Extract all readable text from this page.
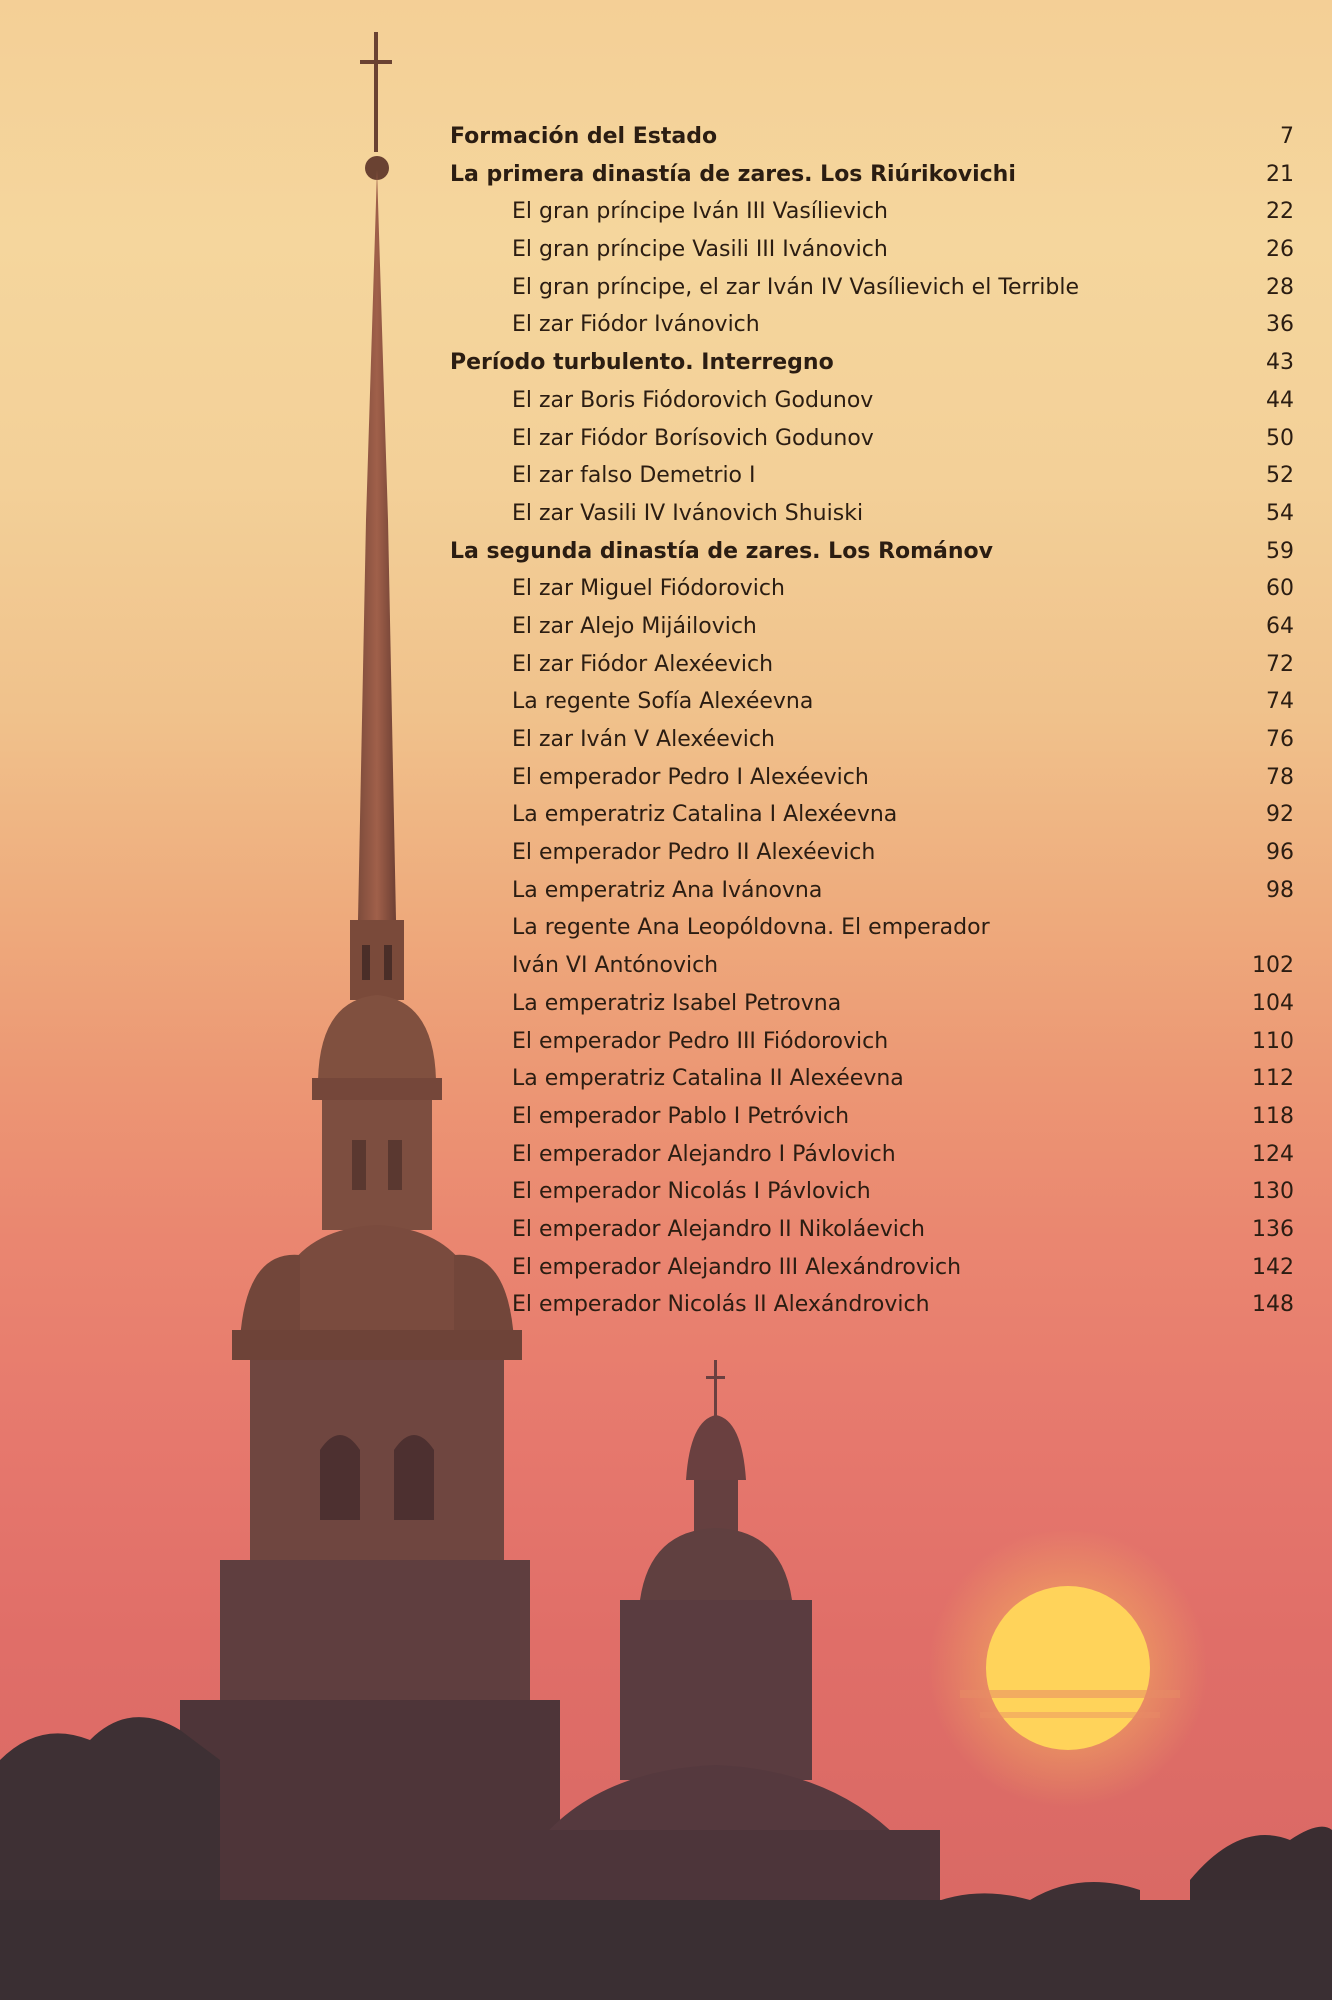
Formación del Estado	7
La primera dinastía de zares. Los Riúrikovichi	21
El gran príncipe Iván III Vasílievich	22
El gran príncipe Vasili III Ivánovich	26
El gran príncipe, el zar Iván IV Vasílievich el Terrible	28
El zar Fiódor Ivánovich	36
Período turbulento. Interregno	43
El zar Boris Fiódorovich Godunov	44
El zar Fiódor Borísovich Godunov	50
El zar falso Demetrio I	52
El zar Vasili IV Ivánovich Shuiski	54
La segunda dinastía de zares. Los Románov	59
El zar Miguel Fiódorovich	60
El zar Alejo Mijáilovich	64
El zar Fiódor Alexéevich	72
La regente Sofía Alexéevna	74
El zar Iván V Alexéevich	76
El emperador Pedro I Alexéevich	78
La emperatriz Catalina I Alexéevna	92
El emperador Pedro II Alexéevich	96
La emperatriz Ana Ivánovna	98
La regente Ana Leopóldovna. El emperador
Iván VI Antónovich	102
La emperatriz Isabel Petrovna	104
El emperador Pedro III Fiódorovich	110
La emperatriz Catalina II Alexéevna	112
El emperador Pablo I Petróvich	118
El emperador Alejandro I Pávlovich	124
El emperador Nicolás I Pávlovich	130
El emperador Alejandro II Nikoláevich	136
El emperador Alejandro III Alexándrovich	142
El emperador Nicolás II Alexándrovich	148
